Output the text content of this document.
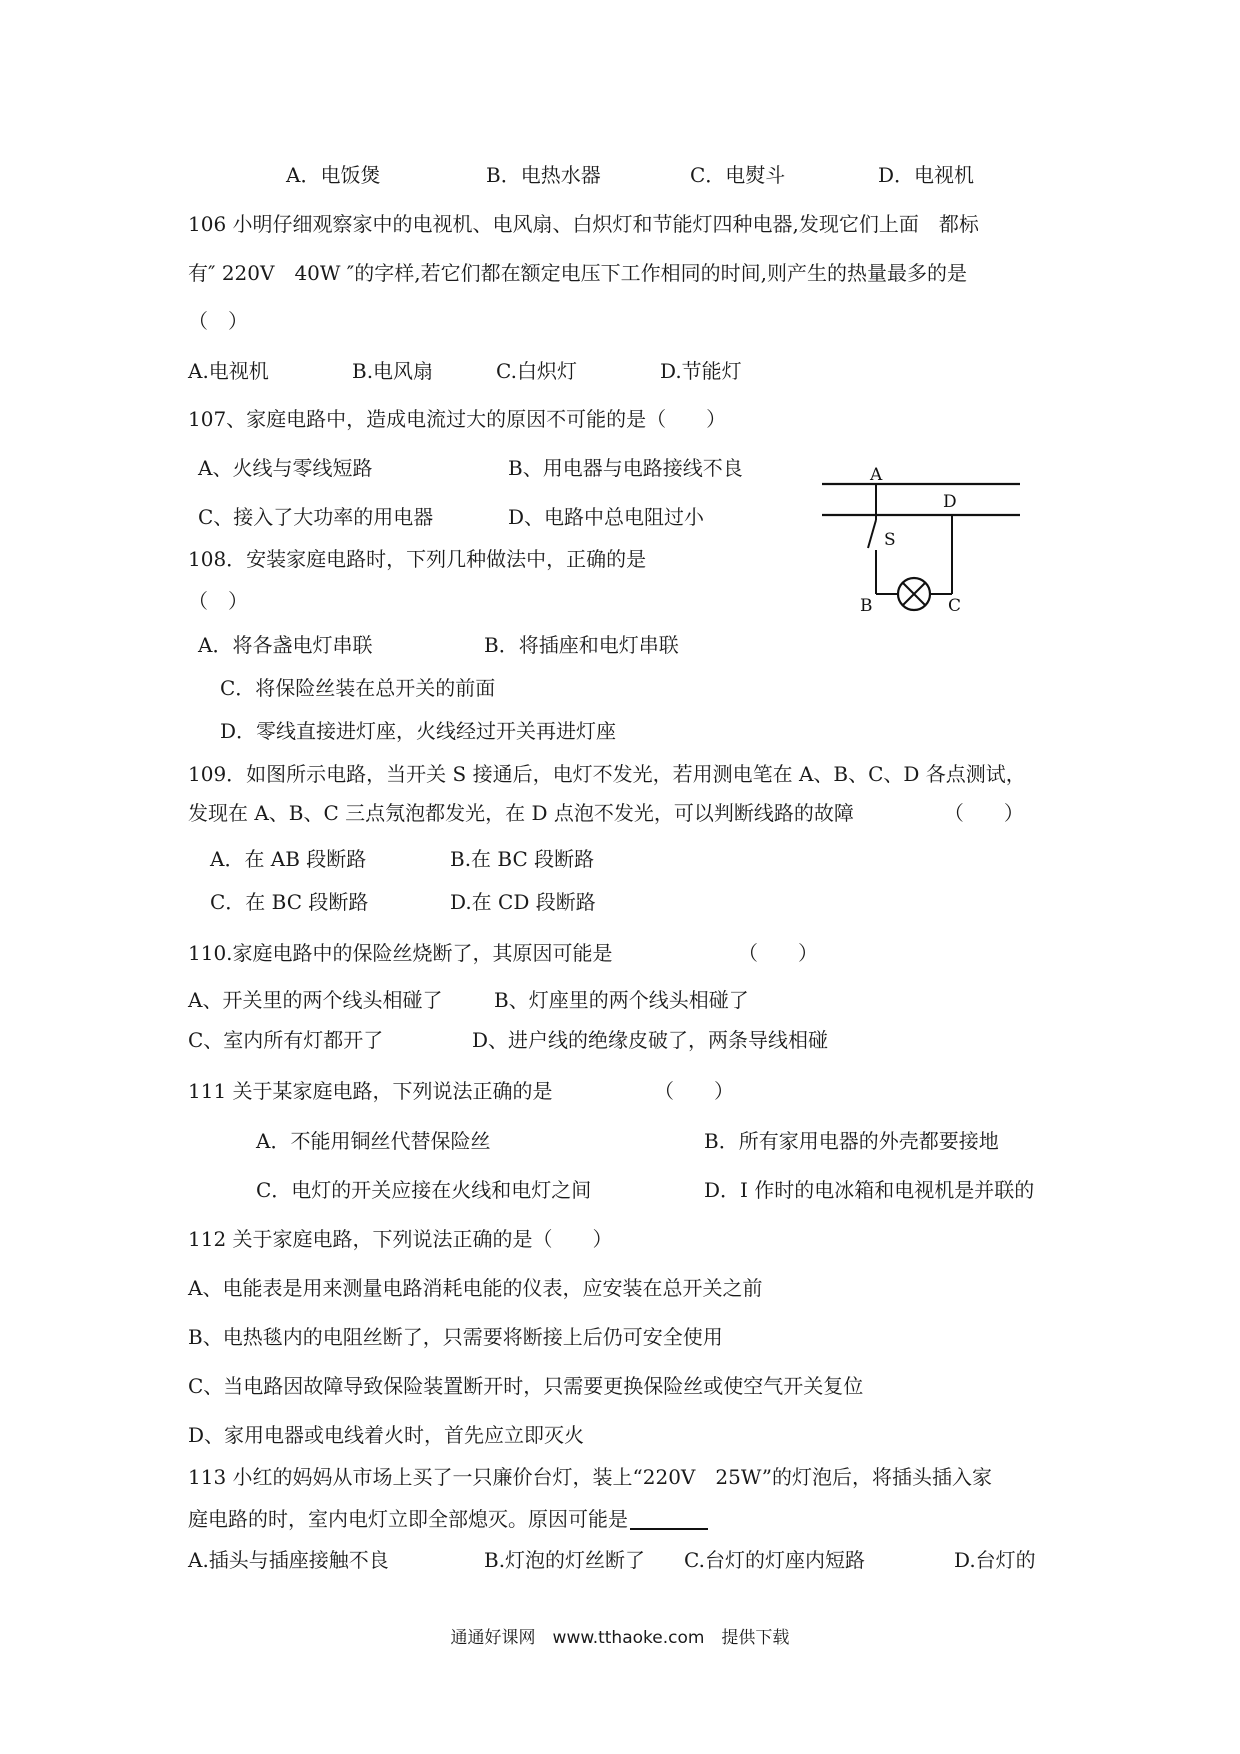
A．电饭煲	B．电热水器	C．电熨斗	D．电视机
106 小明仔细观察家中的电视机、电风扇、白炽灯和节能灯四种电器,发现它们上面　都标
有″ 220V　40W ″的字样,若它们都在额定电压下工作相同的时间,则产生的热量最多的是
（　）
A.电视机	B.电风扇	C.白炽灯	D.节能灯
107、家庭电路中，造成电流过大的原因不可能的是（　　）
A、火线与零线短路	B、用电器与电路接线不良
C、接入了大功率的用电器	D、电路中总电阻过小
A
D
S
B	C
108．安装家庭电路时，下列几种做法中，正确的是
（　）
A．将各盏电灯串联	B．将插座和电灯串联
C．将保险丝装在总开关的前面
D．零线直接进灯座，火线经过开关再进灯座
109．如图所示电路，当开关 S 接通后，电灯不发光，若用测电笔在 A、B、C、D 各点测试，
发现在 A、B、C 三点氖泡都发光，在 D 点泡不发光，可以判断线路的故障　　　　　（　　）
A．在 AB 段断路	B.在 BC 段断路
C．在 BC 段断路	D.在 CD 段断路
110.家庭电路中的保险丝烧断了，其原因可能是	（　　）
A、开关里的两个线头相碰了	B、灯座里的两个线头相碰了
C、室内所有灯都开了	D、进户线的绝缘皮破了，两条导线相碰
111 关于某家庭电路，下列说法正确的是	（　　）
A．不能用铜丝代替保险丝	B．所有家用电器的外壳都要接地
C．电灯的开关应接在火线和电灯之间	D．I 作时的电冰箱和电视机是并联的
112 关于家庭电路，下列说法正确的是（　　）
A、电能表是用来测量电路消耗电能的仪表，应安装在总开关之前
B、电热毯内的电阻丝断了，只需要将断接上后仍可安全使用
C、当电路因故障导致保险装置断开时，只需要更换保险丝或使空气开关复位
D、家用电器或电线着火时，首先应立即灭火
113 小红的妈妈从市场上买了一只廉价台灯，装上“220V　25W”的灯泡后，将插头插入家
庭电路的时，室内电灯立即全部熄灭。原因可能是
A.插头与插座接触不良	B.灯泡的灯丝断了 C.台灯的灯座内短路	D.台灯的
通通好课网　www.tthaoke.com　提供下载
